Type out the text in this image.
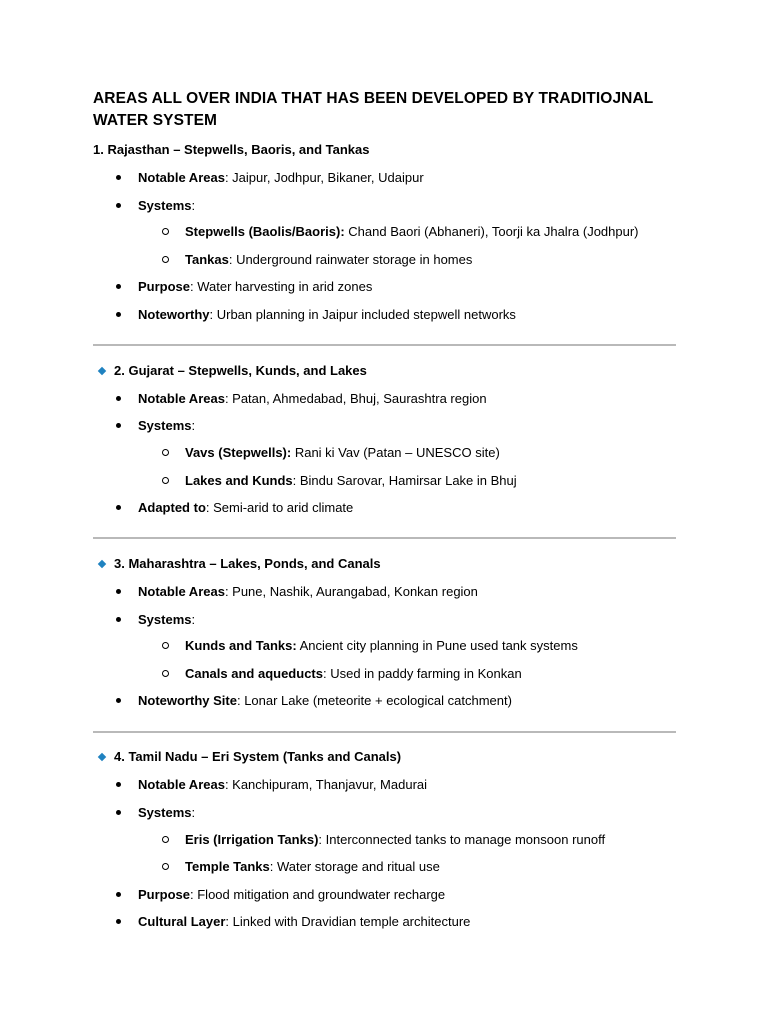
AREAS ALL OVER INDIA THAT HAS BEEN DEVELOPED BY TRADITIOJNAL WATER SYSTEM
1. Rajasthan – Stepwells, Baoris, and Tankas
Notable Areas: Jaipur, Jodhpur, Bikaner, Udaipur
Systems:
Stepwells (Baolis/Baoris): Chand Baori (Abhaneri), Toorji ka Jhalra (Jodhpur)
Tankas: Underground rainwater storage in homes
Purpose: Water harvesting in arid zones
Noteworthy: Urban planning in Jaipur included stepwell networks
2. Gujarat – Stepwells, Kunds, and Lakes
Notable Areas: Patan, Ahmedabad, Bhuj, Saurashtra region
Systems:
Vavs (Stepwells): Rani ki Vav (Patan – UNESCO site)
Lakes and Kunds: Bindu Sarovar, Hamirsar Lake in Bhuj
Adapted to: Semi-arid to arid climate
3. Maharashtra – Lakes, Ponds, and Canals
Notable Areas: Pune, Nashik, Aurangabad, Konkan region
Systems:
Kunds and Tanks: Ancient city planning in Pune used tank systems
Canals and aqueducts: Used in paddy farming in Konkan
Noteworthy Site: Lonar Lake (meteorite + ecological catchment)
4. Tamil Nadu – Eri System (Tanks and Canals)
Notable Areas: Kanchipuram, Thanjavur, Madurai
Systems:
Eris (Irrigation Tanks): Interconnected tanks to manage monsoon runoff
Temple Tanks: Water storage and ritual use
Purpose: Flood mitigation and groundwater recharge
Cultural Layer: Linked with Dravidian temple architecture
